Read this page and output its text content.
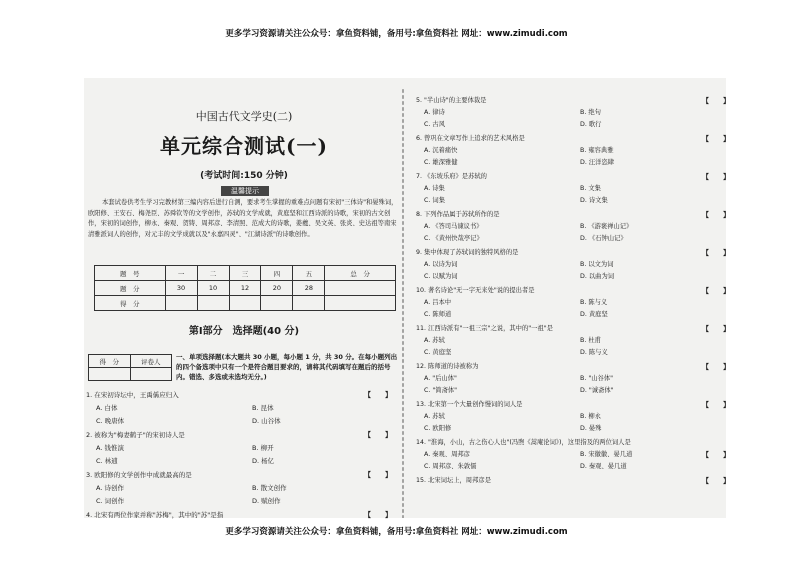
更多学习资源请关注公众号：拿鱼资料铺，备用号:拿鱼资料社 网址：www.zimudi.com
中国古代文学史(二)
单元综合测试(一)
(考试时间:150 分钟)
温馨提示
本套试卷供考生学习完教材第三编内容后进行自测，要求考生掌握的重难点问题有宋初"三体诗"和晏殊词，欧阳修、王安石、梅尧臣、苏舜钦等的文学创作，苏轼的文学成就，黄庭坚和江西诗派的诗歌，宋初的古文创作，宋初的词创作，柳永、秦观、贺铸、周邦彦、李清照、范成大的诗歌，姜夔、吴文英、张炎、史达祖等南宋清雅派词人的创作，对元丰的文学成就以及"永嘉四灵"、"江湖诗派"的诗歌创作。
题　号	一	二	三	四	五	总　分
题　分	30	10	12	20	28	
得　分						
第Ⅰ部分　选择题(40 分)
得　分	评卷人

一、单项选择题(本大题共 30 小题，每小题 1 分，共 30 分。在每小题列出的四个备选项中只有一个是符合题目要求的，请将其代码填写在题后的括号内。错选、多选或未选均无分。)
1. 在宋初诗坛中，王禹偁应归入	【　　】
A. 白体	B. 昆体
C. 晚唐体	D. 山谷体
2. 被称为"梅妻鹤子"的宋初诗人是	【　　】
A. 钱惟演	B. 柳开
C. 林逋	D. 杨亿
3. 欧阳修的文学创作中成就最高的是	【　　】
A. 诗创作	B. 散文创作
C. 词创作	D. 赋创作
4. 北宋有两位作家并称"苏梅"，其中的"苏"是指	【　　】
5. "半山诗"的主要体裁是	【　　】
A. 律诗	B. 绝句
C. 古风	D. 歌行
6. 曾巩在文章写作上追求的艺术风格是	【　　】
A. 沉着痛快	B. 雍容典雅
C. 雄深雅健	D. 汪洋恣肆
7. 《东坡乐府》是苏轼的	【　　】
A. 诗集	B. 文集
C. 词集	D. 诗文集
8. 下列作品属于苏轼所作的是	【　　】
A. 《答司马谏议书》	B. 《游褒禅山记》
C. 《黄州快哉亭记》	D. 《石钟山记》
9. 集中体现了苏轼词的独特风格的是	【　　】
A. 以诗为词	B. 以文为词
C. 以赋为词	D. 以曲为词
10. 著名诗论"无一字无来处"说的提出者是	【　　】
A. 吕本中	B. 陈与义
C. 陈师道	D. 黄庭坚
11. 江西诗派有"一祖三宗"之说，其中的"一祖"是	【　　】
A. 苏轼	B. 杜甫
C. 黄庭坚	D. 陈与义
12. 陈师道的诗被称为	【　　】
A. "后山体"	B. "山谷体"
C. "简斋体"	D. "诚斋体"
13. 北宋第一个大量创作慢词的词人是	【　　】
A. 苏轼	B. 柳永
C. 欧阳修	D. 晏殊
14. "淮海，小山，古之伤心人也"(冯煦《蒿庵论词》)，这里指及的两位词人是
【　　】
A. 秦观、周邦彦	B. 宋徽徽、晏几道
C. 周邦彦、朱敦儒	D. 秦观、晏几道
15. 北宋词坛上，周邦彦是	【　　】
更多学习资源请关注公众号：拿鱼资料铺，备用号:拿鱼资料社 网址：www.zimudi.com
